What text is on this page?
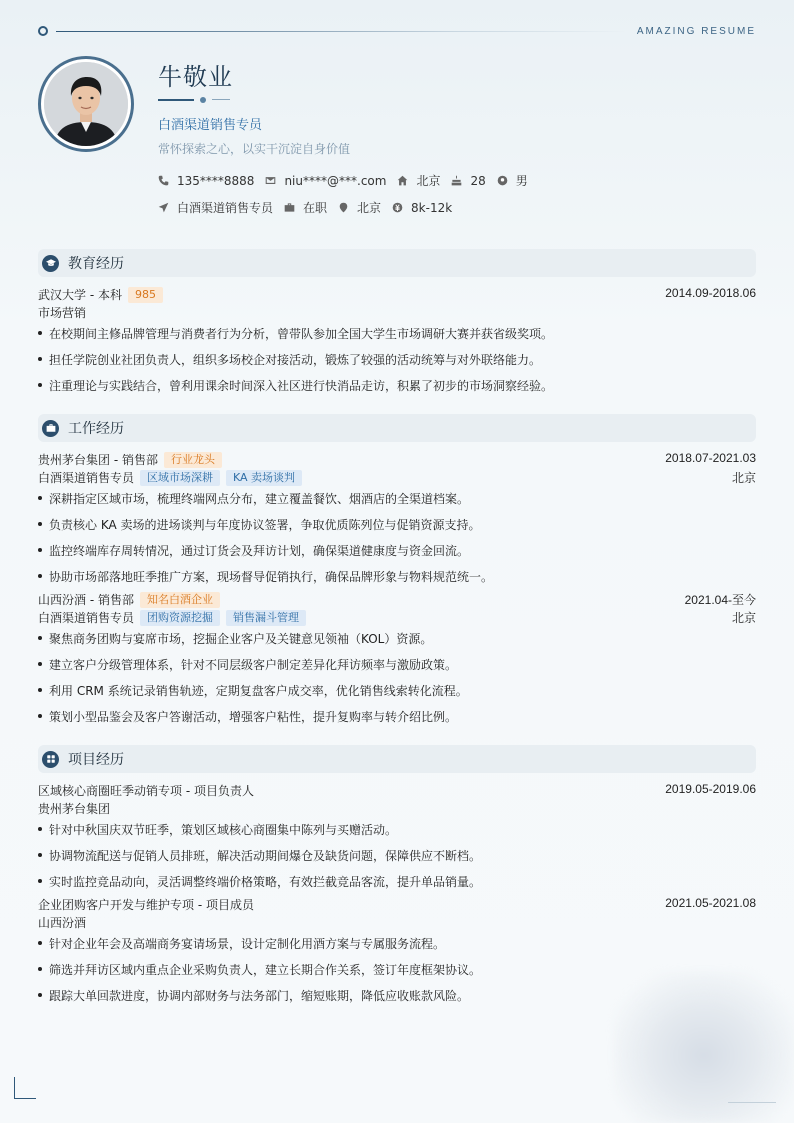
AMAZING RESUME
牛敬业
白酒渠道销售专员
常怀探索之心，以实干沉淀自身价值
135****8888	niu****@***.com	北京	28	男
白酒渠道销售专员	在职	北京	8k-12k
教育经历
武汉大学 - 本科	985	2014.09-2018.06
市场营销
在校期间主修品牌管理与消费者行为分析，曾带队参加全国大学生市场调研大赛并获省级奖项。
担任学院创业社团负责人，组织多场校企对接活动，锻炼了较强的活动统筹与对外联络能力。
注重理论与实践结合，曾利用课余时间深入社区进行快消品走访，积累了初步的市场洞察经验。
工作经历
贵州茅台集团 - 销售部	行业龙头	2018.07-2021.03
白酒渠道销售专员	区域市场深耕	KA 卖场谈判	北京
深耕指定区域市场，梳理终端网点分布，建立覆盖餐饮、烟酒店的全渠道档案。
负责核心 KA 卖场的进场谈判与年度协议签署，争取优质陈列位与促销资源支持。
监控终端库存周转情况，通过订货会及拜访计划，确保渠道健康度与资金回流。
协助市场部落地旺季推广方案，现场督导促销执行，确保品牌形象与物料规范统一。
山西汾酒 - 销售部	知名白酒企业	2021.04-至今
白酒渠道销售专员	团购资源挖掘	销售漏斗管理	北京
聚焦商务团购与宴席市场，挖掘企业客户及关键意见领袖（KOL）资源。
建立客户分级管理体系，针对不同层级客户制定差异化拜访频率与激励政策。
利用 CRM 系统记录销售轨迹，定期复盘客户成交率，优化销售线索转化流程。
策划小型品鉴会及客户答谢活动，增强客户粘性，提升复购率与转介绍比例。
项目经历
区域核心商圈旺季动销专项 - 项目负责人	2019.05-2019.06
贵州茅台集团
针对中秋国庆双节旺季，策划区域核心商圈集中陈列与买赠活动。
协调物流配送与促销人员排班，解决活动期间爆仓及缺货问题，保障供应不断档。
实时监控竞品动向，灵活调整终端价格策略，有效拦截竞品客流，提升单品销量。
企业团购客户开发与维护专项 - 项目成员	2021.05-2021.08
山西汾酒
针对企业年会及高端商务宴请场景，设计定制化用酒方案与专属服务流程。
筛选并拜访区域内重点企业采购负责人，建立长期合作关系，签订年度框架协议。
跟踪大单回款进度，协调内部财务与法务部门，缩短账期，降低应收账款风险。
